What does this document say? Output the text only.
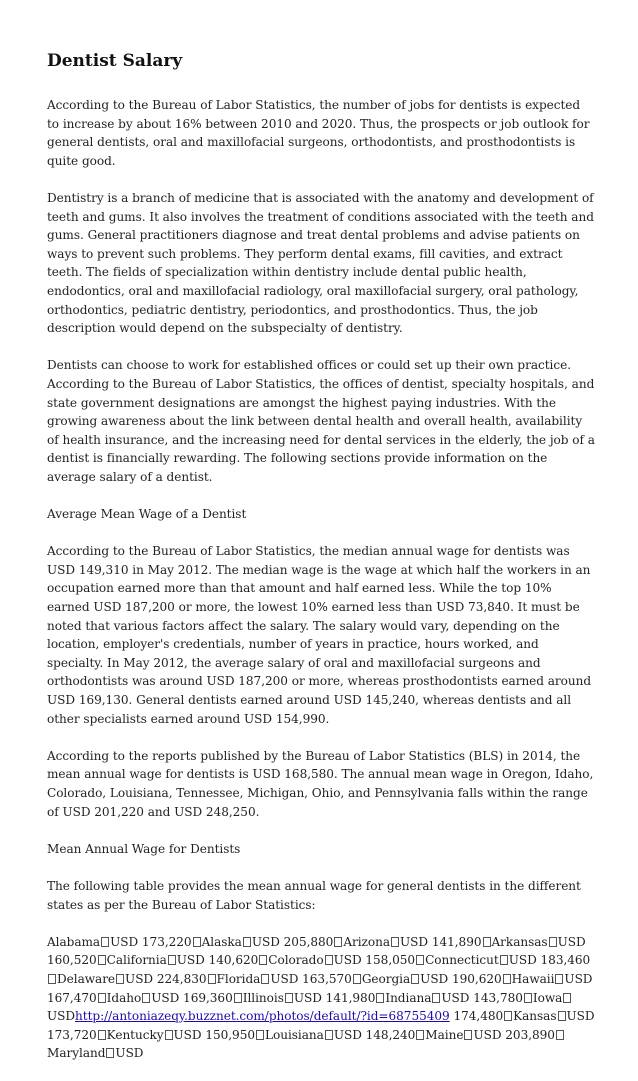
Dentist Salary

According to the Bureau of Labor Statistics, the number of jobs for dentists is expected to increase by about 16% between 2010 and 2020. Thus, the prospects or job outlook for general dentists, oral and maxillofacial surgeons, orthodontists, and prosthodontists is quite good.

Dentistry is a branch of medicine that is associated with the anatomy and development of teeth and gums. It also involves the treatment of conditions associated with the teeth and gums. General practitioners diagnose and treat dental problems and advise patients on ways to prevent such problems. They perform dental exams, fill cavities, and extract teeth. The fields of specialization within dentistry include dental public health, endodontics, oral and maxillofacial radiology, oral maxillofacial surgery, oral pathology, orthodontics, pediatric dentistry, periodontics, and prosthodontics. Thus, the job description would depend on the subspecialty of dentistry.

Dentists can choose to work for established offices or could set up their own practice. According to the Bureau of Labor Statistics, the offices of dentist, specialty hospitals, and state government designations are amongst the highest paying industries. With the growing awareness about the link between dental health and overall health, availability of health insurance, and the increasing need for dental services in the elderly, the job of a dentist is financially rewarding. The following sections provide information on the average salary of a dentist.

Average Mean Wage of a Dentist

According to the Bureau of Labor Statistics, the median annual wage for dentists was USD 149,310 in May 2012. The median wage is the wage at which half the workers in an occupation earned more than that amount and half earned less. While the top 10% earned USD 187,200 or more, the lowest 10% earned less than USD 73,840. It must be noted that various factors affect the salary. The salary would vary, depending on the location, employer's credentials, number of years in practice, hours worked, and specialty. In May 2012, the average salary of oral and maxillofacial surgeons and orthodontists was around USD 187,200 or more, whereas prosthodontists earned around USD 169,130. General dentists earned around USD 145,240, whereas dentists and all other specialists earned around USD 154,990.

According to the reports published by the Bureau of Labor Statistics (BLS) in 2014, the mean annual wage for dentists is USD 168,580. The annual mean wage in Oregon, Idaho, Colorado, Louisiana, Tennessee, Michigan, Ohio, and Pennsylvania falls within the range of USD 201,220 and USD 248,250.

Mean Annual Wage for Dentists

The following table provides the mean annual wage for general dentists in the different states as per the Bureau of Labor Statistics:

Alabama USD 173,220 Alaska USD 205,880 Arizona USD 141,890 Arkansas USD 160,520 California USD 140,620 Colorado USD 158,050 Connecticut USD 183,460Delaware USD 224,830 Florida USD 163,570 Georgia USD 190,620 Hawaii USD 167,470 Idaho USD 169,360 Illinois USD 141,980 Indiana USD 143,780 IowaUSDhttp://antoniazeqy.buzznet.com/photos/default/?id=68755409 174,480 Kansas USD 173,720 Kentucky USD 150,950 Louisiana USD 148,240 Maine USD 203,890Maryland USD
